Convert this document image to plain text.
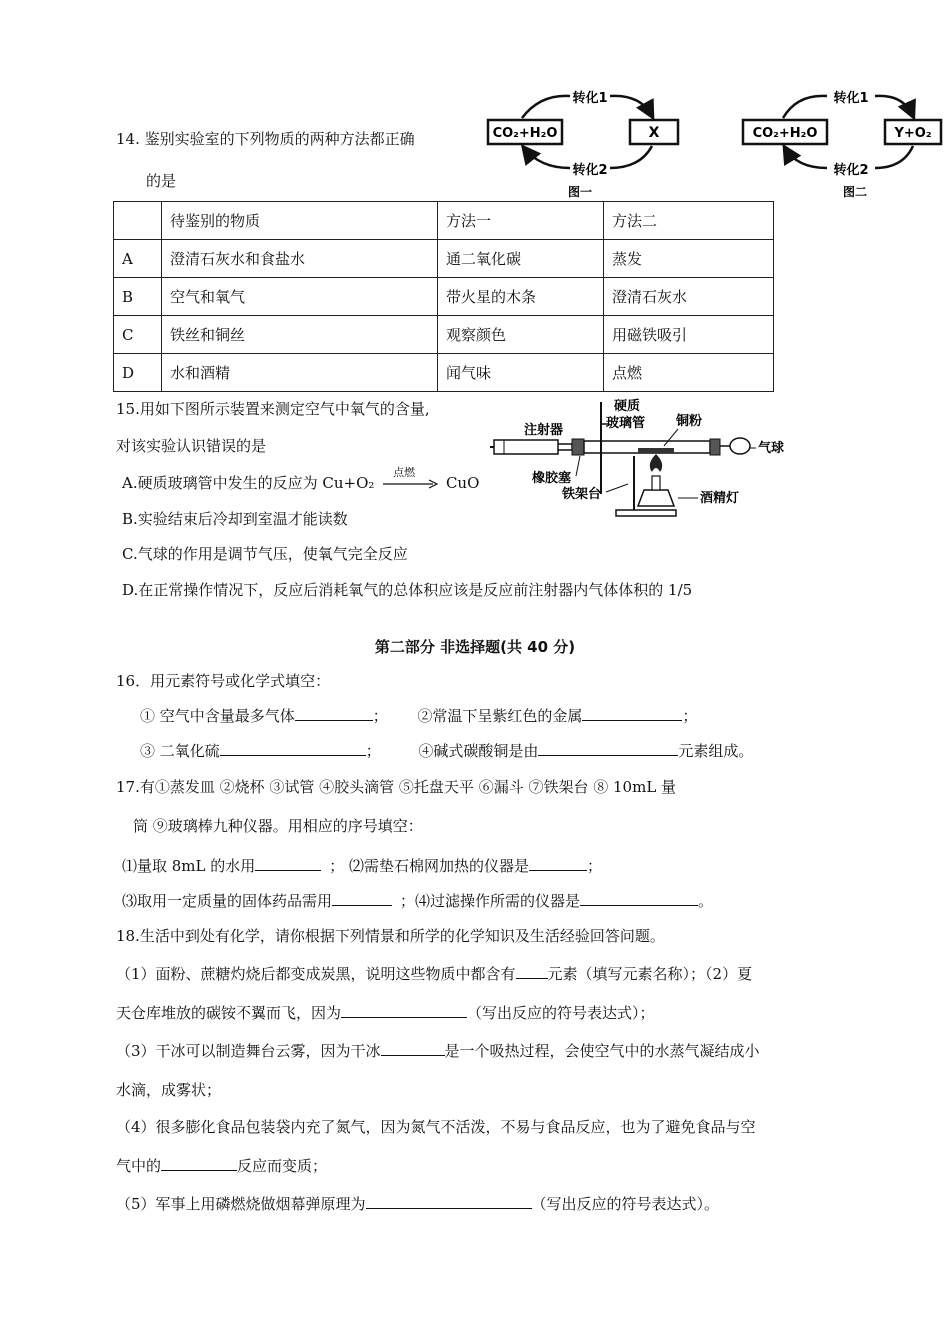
14. 鉴别实验室的下列物质的两种方法都正确
的是
CO₂+H₂O	X
转化1
转化2
图一
CO₂+H₂O	Y+O₂
转化1
转化2
图二
	待鉴别的物质	方法一	方法二
A	澄清石灰水和食盐水	通二氧化碳	蒸发
B	空气和氧气	带火星的木条	澄清石灰水
C	铁丝和铜丝	观察颜色	用磁铁吸引
D	水和酒精	闻气味	点燃
15.用如下图所示装置来测定空气中氧气的含量,
对该实验认识错误的是
A.硬质玻璃管中发生的反应为 Cu+O₂
点燃
CuO
B.实验结束后冷却到室温才能读数
C.气球的作用是调节气压，使氧气完全反应
D.在正常操作情况下，反应后消耗氧气的总体积应该是反应前注射器内气体体积的 1/5
注射器
硬质
玻璃管 铜粉
气球
橡胶塞
铁架台	酒精灯
第二部分 非选择题(共 40 分)
16．用元素符号或化学式填空：
① 空气中含量最多气体	； ②常温下呈紫红色的金属	；
③ 二氧化硫	；	④碱式碳酸铜是由	元素组成。
17.有①蒸发皿 ②烧杯 ③试管 ④胶头滴管 ⑤托盘天平 ⑥漏斗 ⑦铁架台 ⑧ 10mL 量
筒 ⑨玻璃棒九种仪器。用相应的序号填空：
⑴量取 8mL 的水用	； ⑵需垫石棉网加热的仪器是	；
⑶取用一定质量的固体药品需用	；⑷过滤操作所需的仪器是	。
18.生活中到处有化学，请你根据下列情景和所学的化学知识及生活经验回答问题。
（1）面粉、蔗糖灼烧后都变成炭黑，说明这些物质中都含有 元素（填写元素名称）；（2）夏
天仓库堆放的碳铵不翼而飞，因为	（写出反应的符号表达式）；
（3）干冰可以制造舞台云雾，因为干冰	是一个吸热过程，会使空气中的水蒸气凝结成小
水滴，成雾状；
（4）很多膨化食品包装袋内充了氮气，因为氮气不活泼，不易与食品反应，也为了避免食品与空
气中的	反应而变质；
（5）军事上用磷燃烧做烟幕弹原理为	（写出反应的符号表达式）。
